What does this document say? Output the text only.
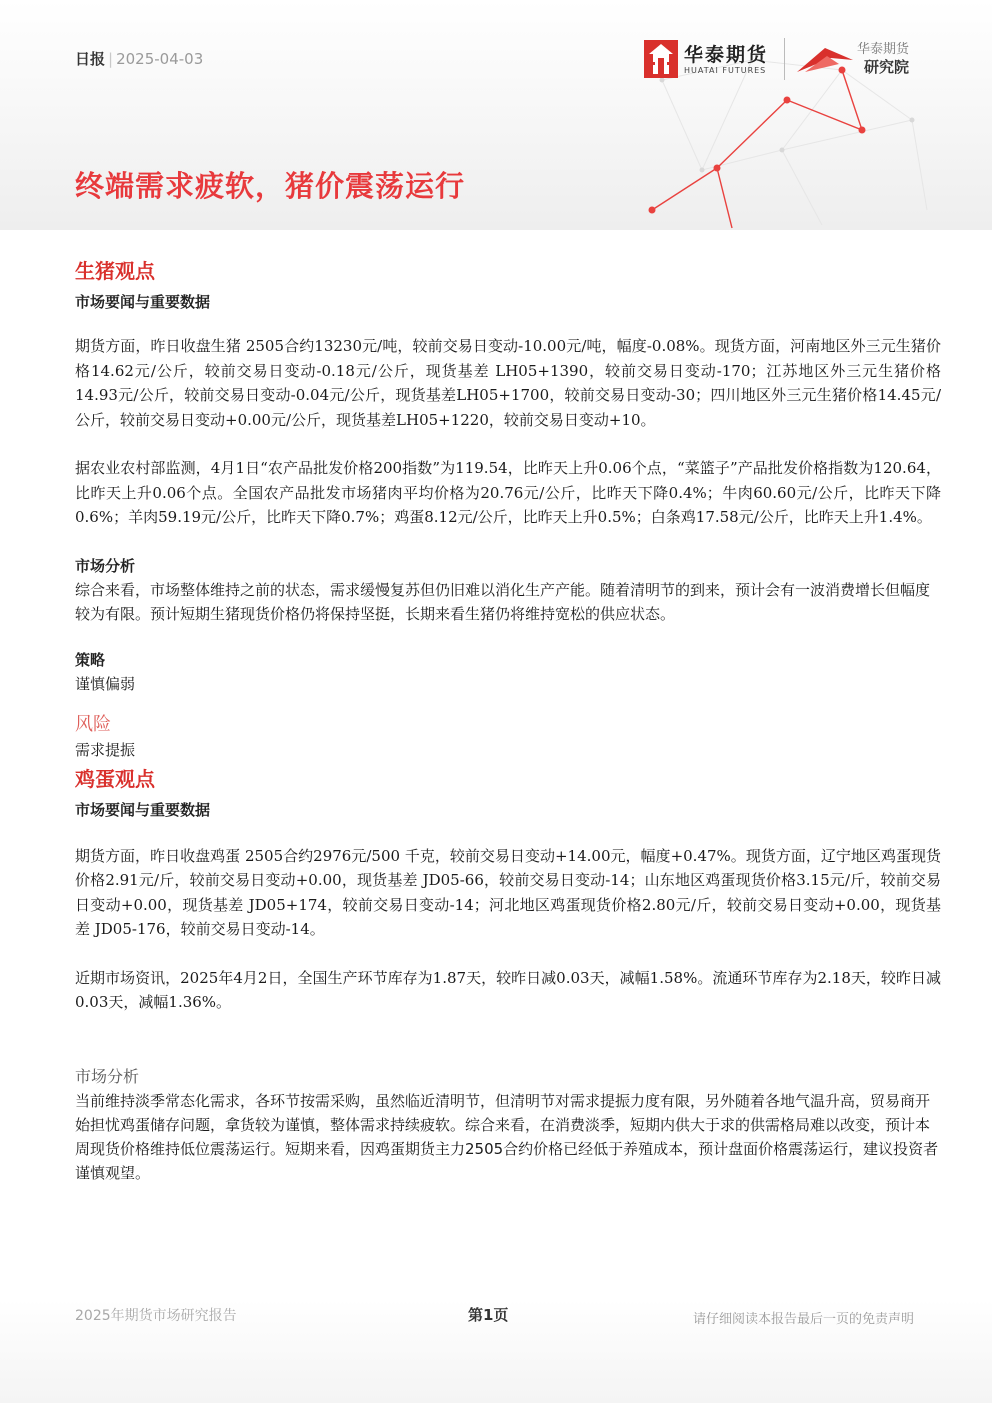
日报 | 2025-04-03	华泰期货
HUATAI FUTURES
华泰期货
研究院
终端需求疲软，猪价震荡运行
生猪观点
市场要闻与重要数据

期货方面，昨日收盘生猪 2505合约13230元/吨，较前交易日变动-10.00元/吨，幅度-0.08%。现货方面，河南地区外三元生猪价格14.62元/公斤，较前交易日变动-0.18元/公斤，现货基差 LH05+1390，较前交易日变动-170；江苏地区外三元生猪价格 14.93元/公斤，较前交易日变动-0.04元/公斤，现货基差LH05+1700，较前交易日变动-30；四川地区外三元生猪价格14.45元/公斤，较前交易日变动+0.00元/公斤，现货基差LH05+1220，较前交易日变动+10。

据农业农村部监测，4月1日“农产品批发价格200指数”为119.54，比昨天上升0.06个点，“菜篮子”产品批发价格指数为120.64，比昨天上升0.06个点。全国农产品批发市场猪肉平均价格为20.76元/公斤，比昨天下降0.4%；牛肉60.60元/公斤，比昨天下降0.6%；羊肉59.19元/公斤，比昨天下降0.7%；鸡蛋8.12元/公斤，比昨天上升0.5%；白条鸡17.58元/公斤，比昨天上升1.4%。

市场分析

综合来看，市场整体维持之前的状态，需求缓慢复苏但仍旧难以消化生产产能。随着清明节的到来，预计会有一波消费增长但幅度较为有限。预计短期生猪现货价格仍将保持坚挺，长期来看生猪仍将维持宽松的供应状态。

策略

谨慎偏弱

风险

需求提振

鸡蛋观点
市场要闻与重要数据

期货方面，昨日收盘鸡蛋 2505合约2976元/500 千克，较前交易日变动+14.00元，幅度+0.47%。现货方面，辽宁地区鸡蛋现货价格2.91元/斤，较前交易日变动+0.00，现货基差 JD05-66，较前交易日变动-14；山东地区鸡蛋现货价格3.15元/斤，较前交易日变动+0.00，现货基差 JD05+174，较前交易日变动-14；河北地区鸡蛋现货价格2.80元/斤，较前交易日变动+0.00，现货基差 JD05-176，较前交易日变动-14。

近期市场资讯，2025年4月2日，全国生产环节库存为1.87天，较昨日减0.03天，减幅1.58%。流通环节库存为2.18天，较昨日减0.03天，减幅1.36%。

市场分析

当前维持淡季常态化需求，各环节按需采购，虽然临近清明节，但清明节对需求提振力度有限，另外随着各地气温升高，贸易商开始担忧鸡蛋储存问题，拿货较为谨慎，整体需求持续疲软。综合来看，在消费淡季，短期内供大于求的供需格局难以改变，预计本周现货价格维持低位震荡运行。短期来看，因鸡蛋期货主力2505合约价格已经低于养殖成本，预计盘面价格震荡运行，建议投资者谨慎观望。

2025年期货市场研究报告	第1页	请仔细阅读本报告最后一页的免责声明
